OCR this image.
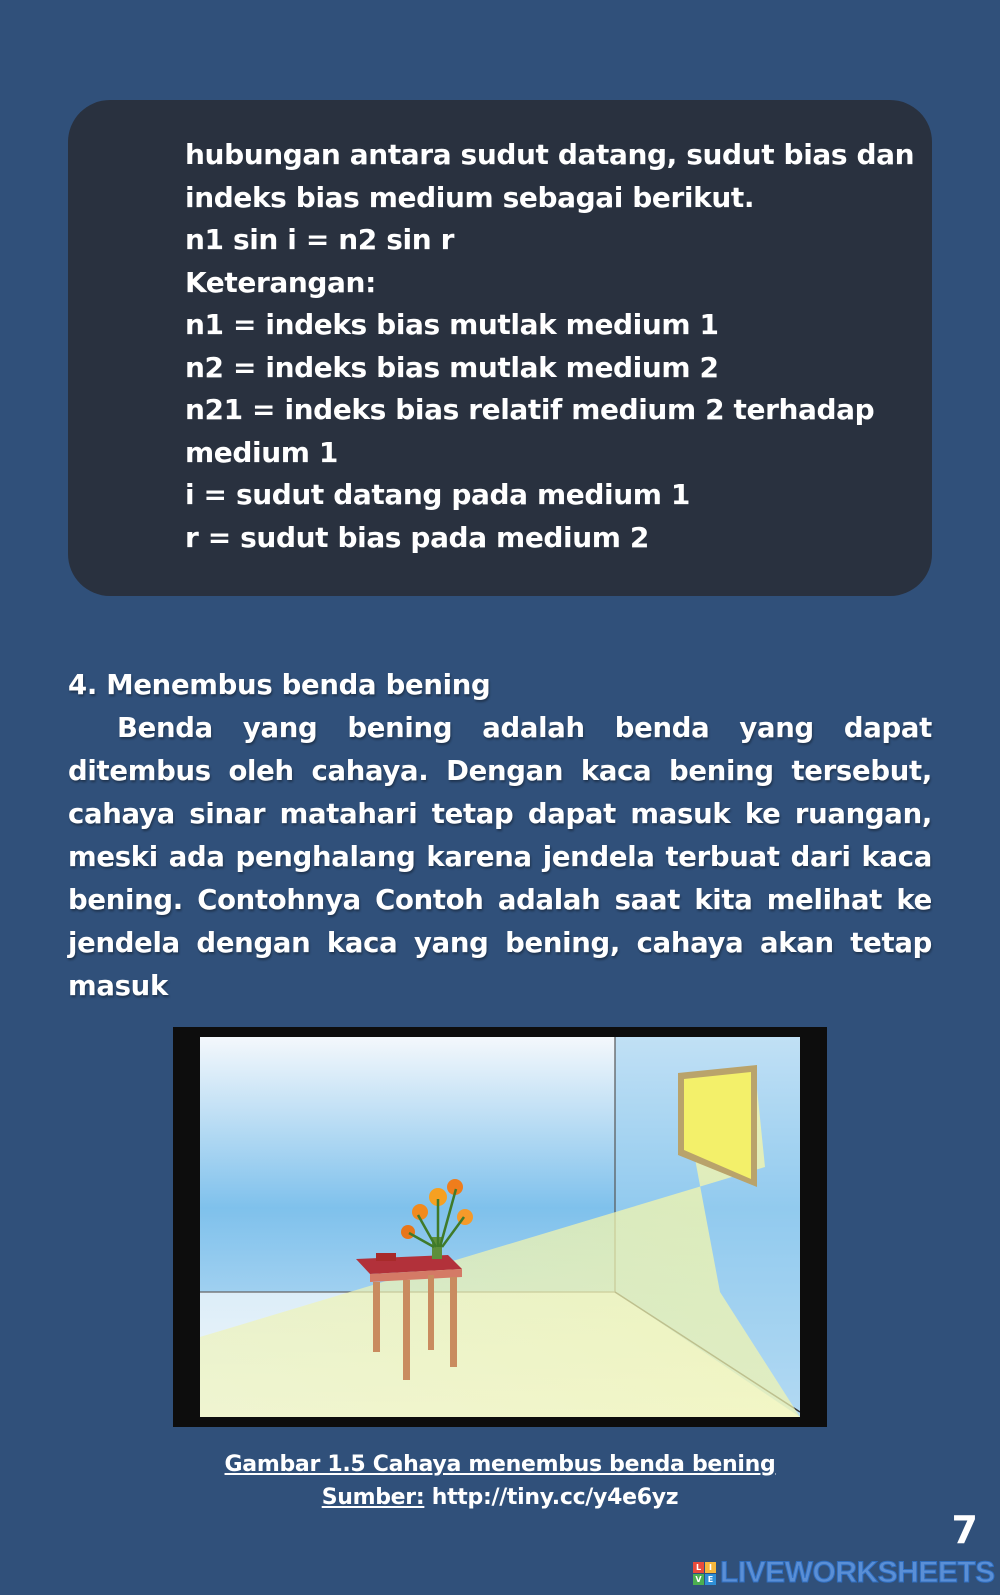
hubungan antara sudut datang, sudut bias dan
indeks bias medium sebagai berikut.
n1 sin i = n2 sin r
Keterangan:
n1 = indeks bias mutlak medium 1
n2 = indeks bias mutlak medium 2
n21 = indeks bias relatif medium 2 terhadap
medium 1
i = sudut datang pada medium 1
r = sudut bias pada medium 2
4. Menembus benda bening

Benda yang bening adalah benda yang dapat ditembus oleh cahaya. Dengan kaca bening tersebut, cahaya sinar matahari tetap dapat masuk ke ruangan, meski ada penghalang karena jendela terbuat dari kaca bening. Contohnya Contoh adalah saat kita melihat ke jendela dengan kaca yang bening, cahaya akan tetap masuk

Gambar 1.5 Cahaya menembus benda bening
Sumber: http://tiny.cc/y4e6yz
7
L I
V E LIVEWORKSHEETS
